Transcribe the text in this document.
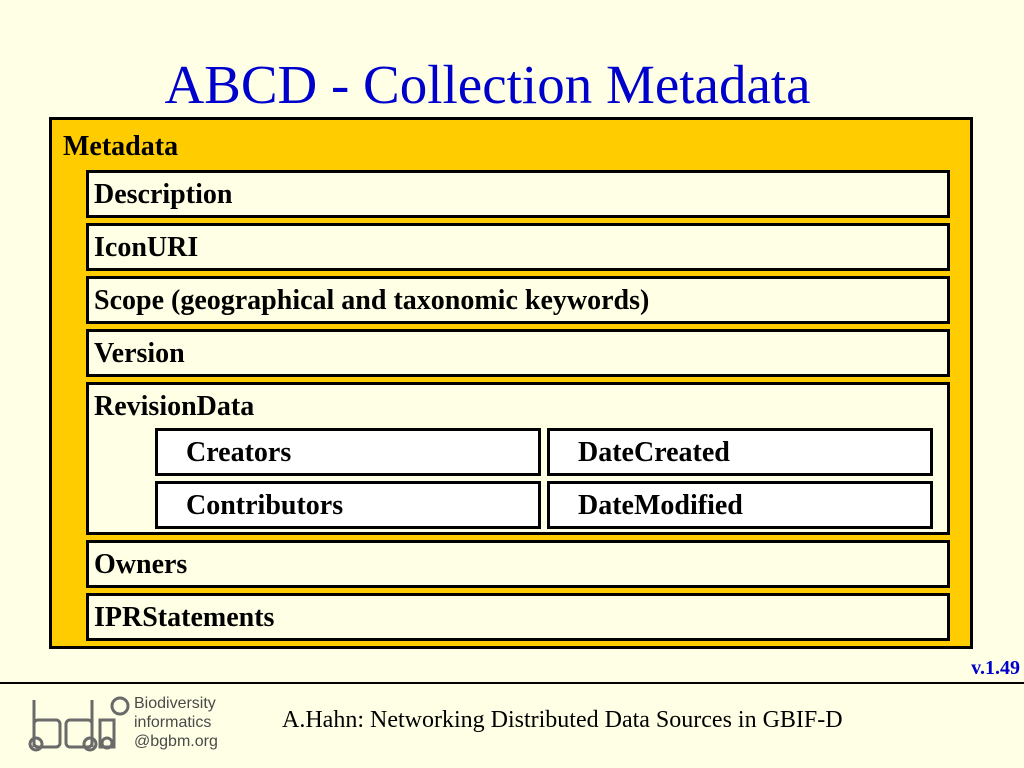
ABCD - Collection Metadata
Metadata
Description
IconURI
Scope (geographical and taxonomic keywords)
Version
RevisionData
Creators	DateCreated
Contributors	DateModified
Owners
IPRStatements
v.1.49
Biodiversity
informatics
@bgbm.org
A.Hahn: Networking Distributed Data Sources in GBIF-D
